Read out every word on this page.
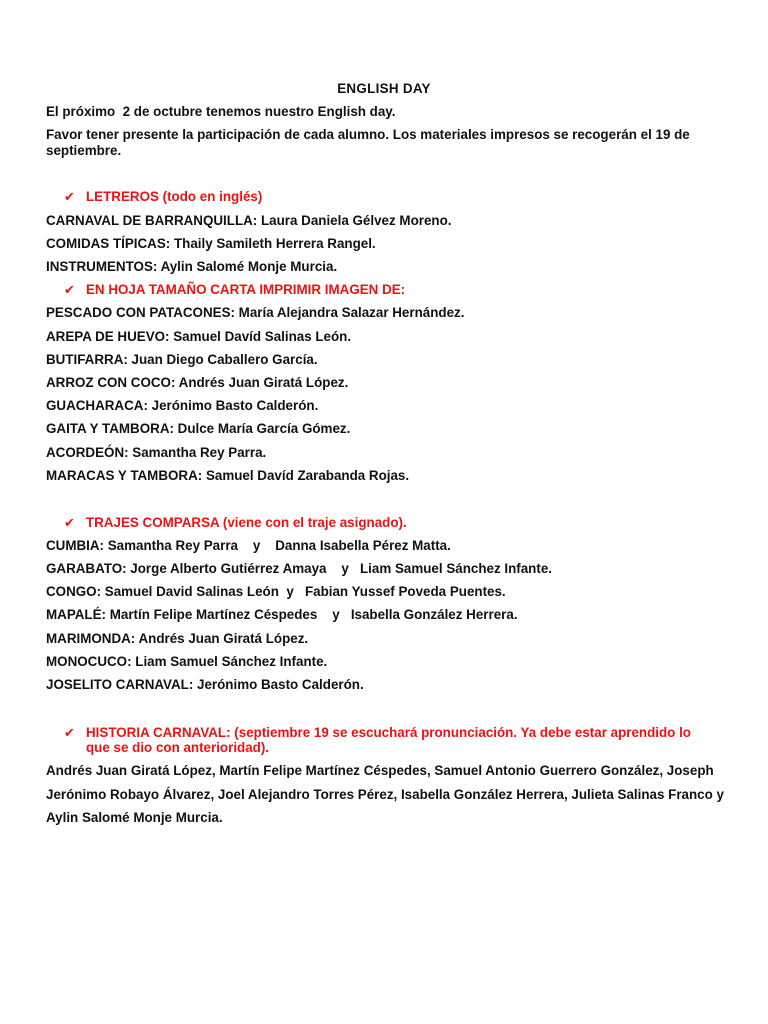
ENGLISH DAY
El próximo  2 de octubre tenemos nuestro English day.
Favor tener presente la participación de cada alumno. Los materiales impresos se recogerán el 19 de septiembre.
✔ LETREROS (todo en inglés)
CARNAVAL DE BARRANQUILLA: Laura Daniela Gélvez Moreno.
COMIDAS TÍPICAS: Thaily Samileth Herrera Rangel.
INSTRUMENTOS: Aylin Salomé Monje Murcia.
✔ EN HOJA TAMAÑO CARTA IMPRIMIR IMAGEN DE:
PESCADO CON PATACONES: María Alejandra Salazar Hernández.
AREPA DE HUEVO: Samuel Davíd Salinas León.
BUTIFARRA: Juan Diego Caballero García.
ARROZ CON COCO: Andrés Juan Giratá López.
GUACHARACA: Jerónimo Basto Calderón.
GAITA Y TAMBORA: Dulce María García Gómez.
ACORDEÓN: Samantha Rey Parra.
MARACAS Y TAMBORA: Samuel Davíd Zarabanda Rojas.
✔ TRAJES COMPARSA (viene con el traje asignado).
CUMBIA: Samantha Rey Parra    y    Danna Isabella Pérez Matta.
GARABATO: Jorge Alberto Gutiérrez Amaya    y   Liam Samuel Sánchez Infante.
CONGO: Samuel David Salinas León  y   Fabian Yussef Poveda Puentes.
MAPALÉ: Martín Felipe Martínez Céspedes    y   Isabella González Herrera.
MARIMONDA: Andrés Juan Giratá López.
MONOCUCO: Liam Samuel Sánchez Infante.
JOSELITO CARNAVAL: Jerónimo Basto Calderón.
✔ HISTORIA CARNAVAL: (septiembre 19 se escuchará pronunciación. Ya debe estar aprendido lo que se dio con anterioridad).
Andrés Juan Giratá López, Martín Felipe Martínez Céspedes, Samuel Antonio Guerrero González, Joseph Jerónimo Robayo Álvarez, Joel Alejandro Torres Pérez, Isabella González Herrera, Julieta Salinas Franco y Aylin Salomé Monje Murcia.
